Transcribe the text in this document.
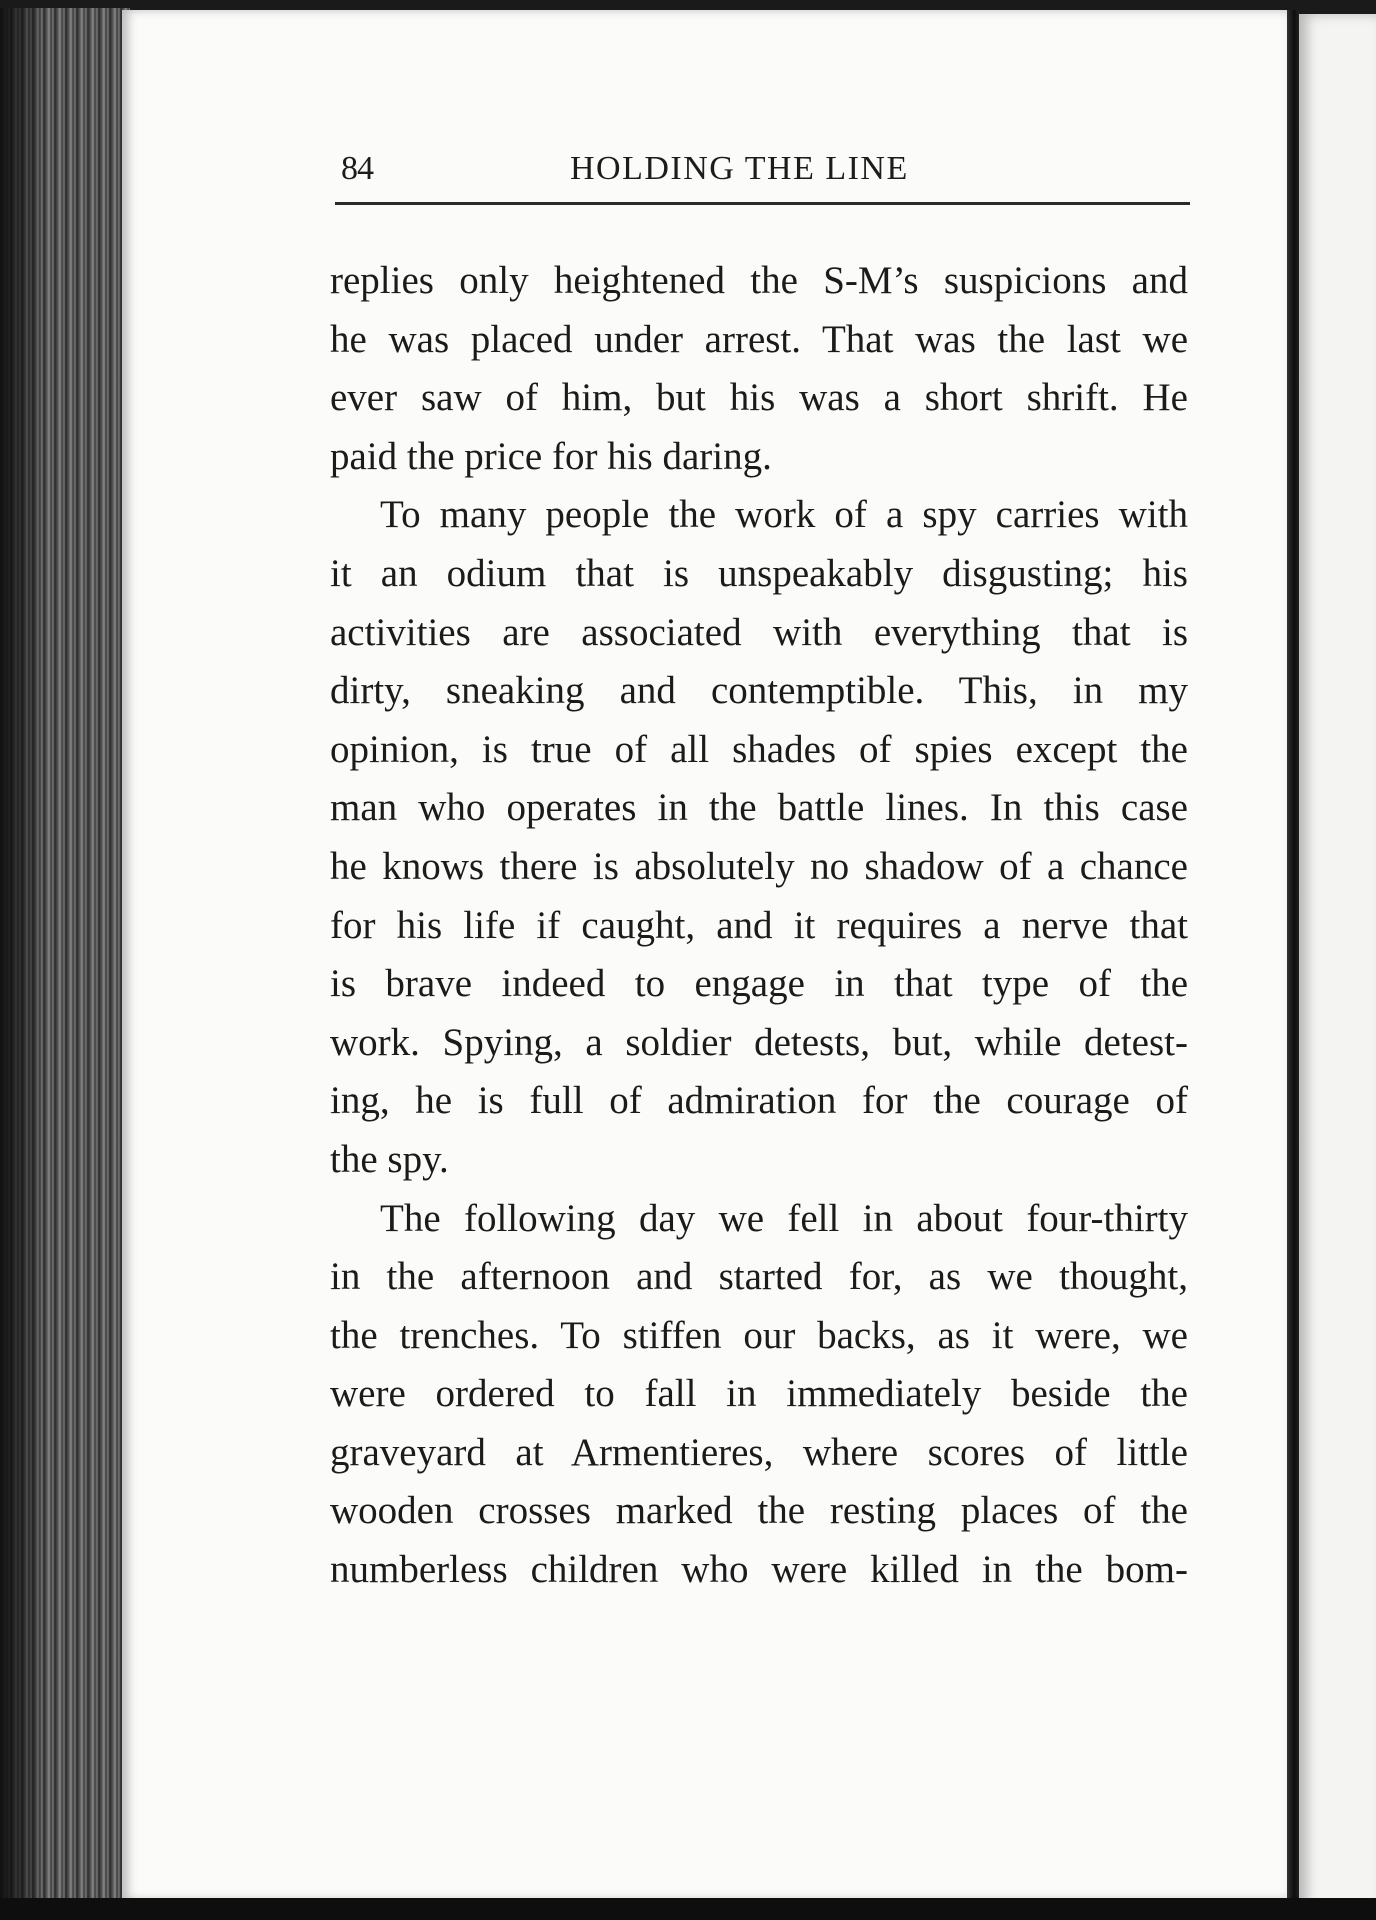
84	HOLDING THE LINE
replies only heightened the S-M’s suspicions and
he was placed under arrest. That was the last we
ever saw of him, but his was a short shrift. He
paid the price for his daring.
To many people the work of a spy carries with
it an odium that is unspeakably disgusting; his
activities are associated with everything that is
dirty, sneaking and contemptible. This, in my
opinion, is true of all shades of spies except the
man who operates in the battle lines. In this case
he knows there is absolutely no shadow of a chance
for his life if caught, and it requires a nerve that
is brave indeed to engage in that type of the
work. Spying, a soldier detests, but, while detest-
ing, he is full of admiration for the courage of
the spy.
The following day we fell in about four-thirty
in the afternoon and started for, as we thought,
the trenches. To stiffen our backs, as it were, we
were ordered to fall in immediately beside the
graveyard at Armentieres, where scores of little
wooden crosses marked the resting places of the
numberless children who were killed in the bom-
